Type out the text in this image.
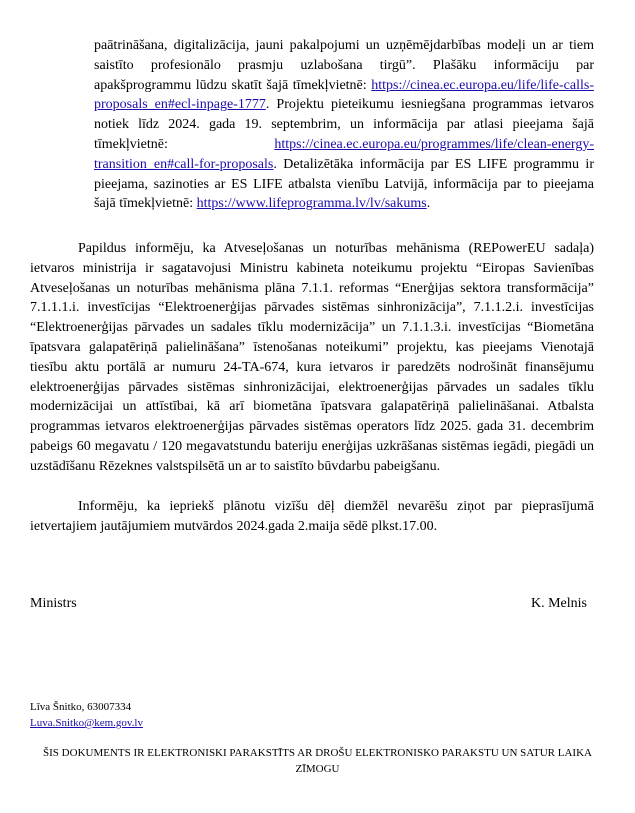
paātrināšana, digitalizācija, jauni pakalpojumi un uzņēmējdarbības modeļi un ar tiem saistīto profesionālo prasmju uzlabošana tirgū”. Plašāku informāciju par apakšprogrammu lūdzu skatīt šajā tīmekļvietnē: https://cinea.ec.europa.eu/life/life-calls-proposals_en#ecl-inpage-1777. Projektu pieteikumu iesniegšana programmas ietvaros notiek līdz 2024. gada 19. septembrim, un informācija par atlasi pieejama šajā tīmekļvietnē: https://cinea.ec.europa.eu/programmes/life/clean-energy-transition_en#call-for-proposals. Detalizētāka informācija par ES LIFE programmu ir pieejama, sazinoties ar ES LIFE atbalsta vienību Latvijā, informācija par to pieejama šajā tīmekļvietnē: https://www.lifeprogramma.lv/lv/sakums.

Papildus informēju, ka Atveseļošanas un noturības mehānisma (REPowerEU sadaļa) ietvaros ministrija ir sagatavojusi Ministru kabineta noteikumu projektu “Eiropas Savienības Atveseļošanas un noturības mehānisma plāna 7.1.1. reformas “Enerģijas sektora transformācija” 7.1.1.1.i. investīcijas “Elektroenerģijas pārvades sistēmas sinhronizācija”, 7.1.1.2.i. investīcijas “Elektroenerģijas pārvades un sadales tīklu modernizācija” un 7.1.1.3.i. investīcijas “Biometāna īpatsvara galapatēriņā palielināšana” īstenošanas noteikumi” projektu, kas pieejams Vienotajā tiesību aktu portālā ar numuru 24-TA-674, kura ietvaros ir paredzēts nodrošināt finansējumu elektroenerģijas pārvades sistēmas sinhronizācijai, elektroenerģijas pārvades un sadales tīklu modernizācijai un attīstībai, kā arī biometāna īpatsvara galapatēriņā palielināšanai. Atbalsta programmas ietvaros elektroenerģijas pārvades sistēmas operators līdz 2025. gada 31. decembrim pabeigs 60 megavatu / 120 megavatstundu bateriju enerģijas uzkrāšanas sistēmas iegādi, piegādi un uzstādīšanu Rēzeknes valstspilsētā un ar to saistīto būvdarbu pabeigšanu.

Informēju, ka iepriekš plānotu vizīšu dēļ diemžēl nevarēšu ziņot par pieprasījumā ietvertajiem jautājumiem mutvārdos 2024.gada 2.maija sēdē plkst.17.00.

Ministrs	K. Melnis
Līva Šnitko, 63007334
Luva.Snitko@kem.gov.lv
ŠIS DOKUMENTS IR ELEKTRONISKI PARAKSTĪTS AR DROŠU ELEKTRONISKO PARAKSTU UN SATUR LAIKA ZĪMOGU
